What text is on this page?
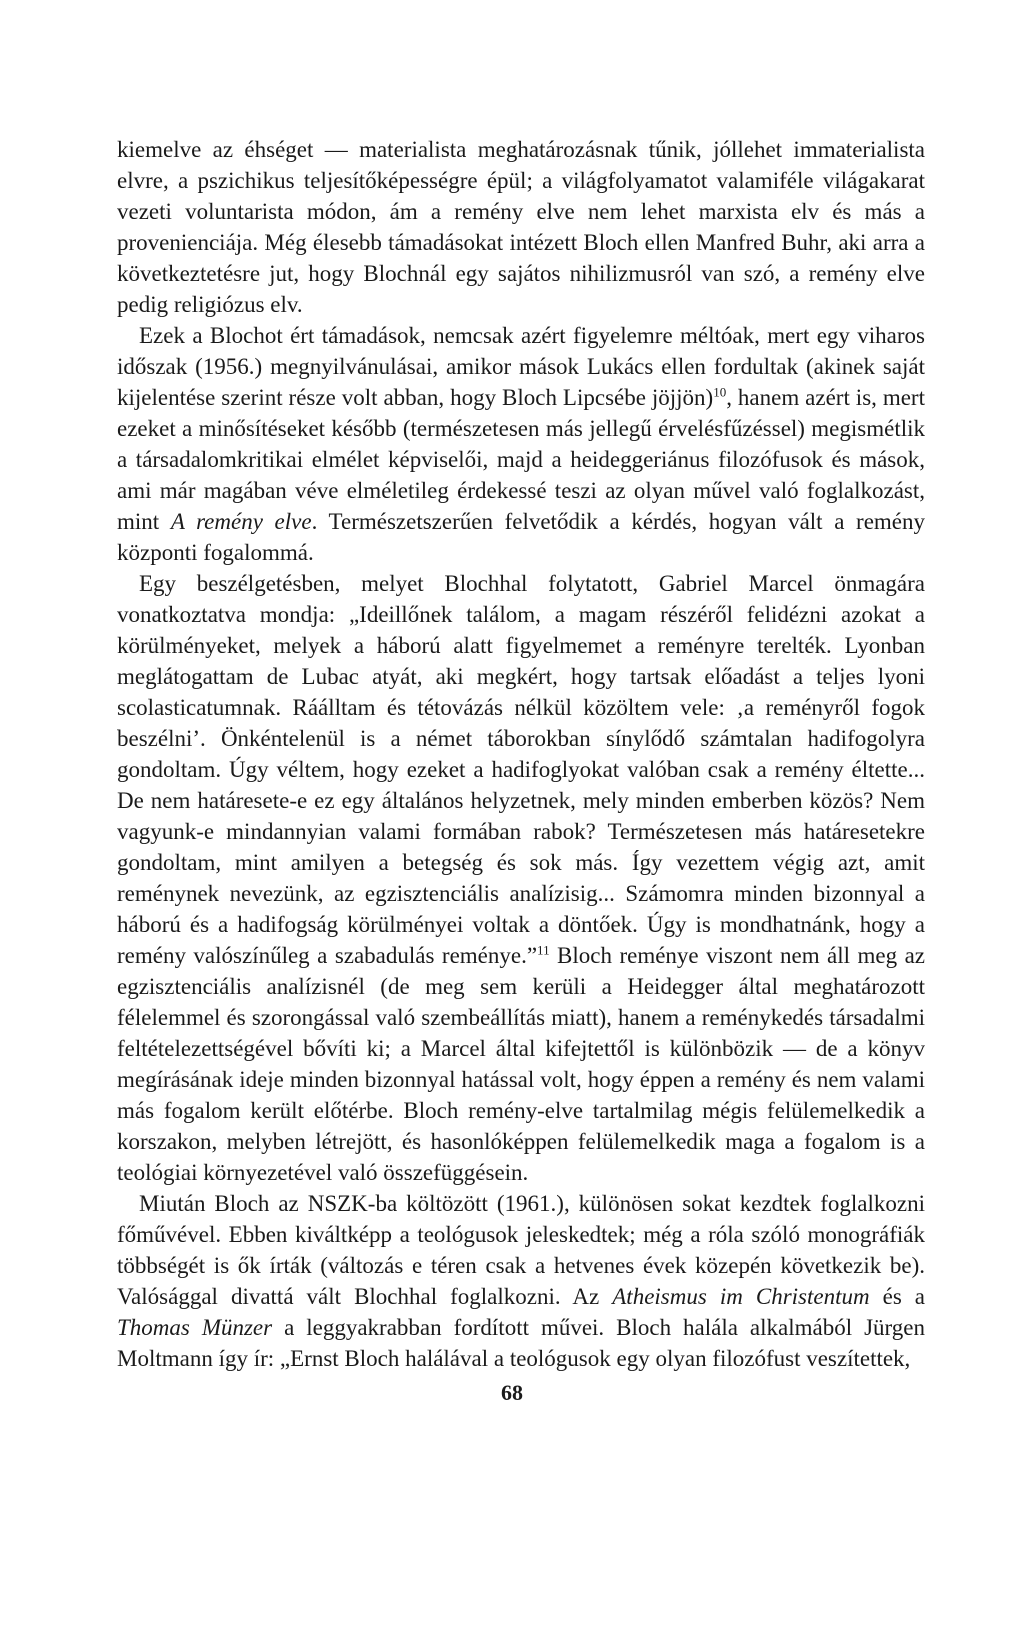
kiemelve az éhséget — materialista meghatározásnak tűnik, jóllehet immaterialista elvre, a pszichikus teljesítőképességre épül; a világfolyamatot valamiféle világakarat vezeti voluntarista módon, ám a remény elve nem lehet marxista elv és más a provenienciája. Még élesebb támadásokat intézett Bloch ellen Manfred Buhr, aki arra a következtetésre jut, hogy Blochnál egy sajátos nihilizmusról van szó, a remény elve pedig religiózus elv.

Ezek a Blochot ért támadások, nemcsak azért figyelemre méltóak, mert egy viharos időszak (1956.) megnyilvánulásai, amikor mások Lukács ellen fordultak (akinek saját kijelentése szerint része volt abban, hogy Bloch Lipcsébe jöjjön)$^{10}$, hanem azért is, mert ezeket a minősítéseket később (természetesen más jellegű érvelésfűzéssel) megismétlik a társadalomkritikai elmélet képviselői, majd a heideggeriánus filozófusok és mások, ami már magában véve elméletileg érdekessé teszi az olyan művel való foglalkozást, mint A remény elve. Természetszerűen felvetődik a kérdés, hogyan vált a remény központi fogalommá.

Egy beszélgetésben, melyet Blochhal folytatott, Gabriel Marcel önmagára vonatkoztatva mondja: „Ideillőnek találom, a magam részéről felidézni azokat a körülményeket, melyek a háború alatt figyelmemet a reményre terelték. Lyonban meglátogattam de Lubac atyát, aki megkért, hogy tartsak előadást a teljes lyoni scolasticatumnak. Ráálltam és tétovázás nélkül közöltem vele: ‚a reményről fogok beszélni’. Önkéntelenül is a német táborokban sínylődő számtalan hadifogolyra gondoltam. Úgy véltem, hogy ezeket a hadifoglyokat valóban csak a remény éltette... De nem határesete-e ez egy általános helyzetnek, mely minden emberben közös? Nem vagyunk-e mindannyian valami formában rabok? Természetesen más határesetekre gondoltam, mint amilyen a betegség és sok más. Így vezettem végig azt, amit reménynek nevezünk, az egzisztenciális analízisig... Számomra minden bizonnyal a háború és a hadifogság körülményei voltak a döntőek. Úgy is mondhatnánk, hogy a remény valószínűleg a szabadulás reménye.”$^{11}$ Bloch reménye viszont nem áll meg az egzisztenciális analízisnél (de meg sem kerüli a Heidegger által meghatározott félelemmel és szorongással való szembeállítás miatt), hanem a reménykedés társadalmi feltételezettségével bővíti ki; a Marcel által kifejtettől is különbözik — de a könyv megírásának ideje minden bizonnyal hatással volt, hogy éppen a remény és nem valami más fogalom került előtérbe. Bloch remény-elve tartalmilag mégis felülemelkedik a korszakon, melyben létrejött, és hasonlóképpen felülemelkedik maga a fogalom is a teológiai környezetével való összefüggésein.

Miután Bloch az NSZK-ba költözött (1961.), különösen sokat kezdtek foglalkozni főművével. Ebben kiváltképp a teológusok jeleskedtek; még a róla szóló monográfiák többségét is ők írták (változás e téren csak a hetvenes évek közepén következik be). Valósággal divattá vált Blochhal foglalkozni. Az Atheismus im Christentum és a Thomas Münzer a leggyakrabban fordított művei. Bloch halála alkalmából Jürgen Moltmann így ír: „Ernst Bloch halálával a teológusok egy olyan filozófust veszítettek,

68
